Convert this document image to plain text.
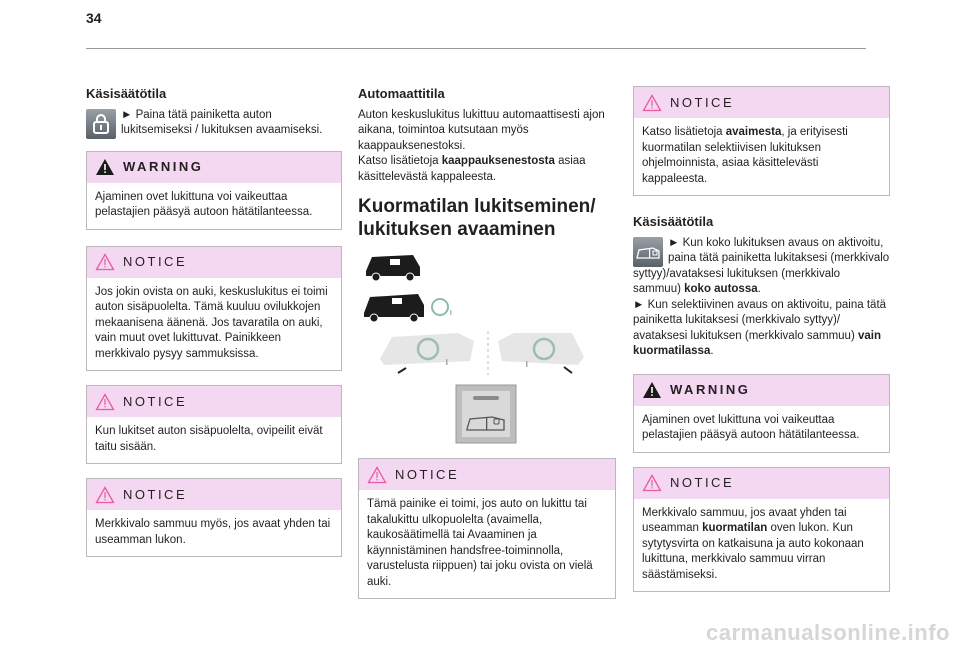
34
Käsisäätötila

► Paina tätä painiketta auton lukitsemiseksi / lukituksen avaamiseksi.

WARNING

Ajaminen ovet lukittuna voi vaikeuttaa pelastajien pääsyä autoon hätätilanteessa.

NOTICE

Jos jokin ovista on auki, keskuslukitus ei toimi auton sisäpuolelta. Tämä kuuluu ovilukkojen mekaanisena äänenä. Jos tavaratila on auki, vain muut ovet lukittuvat. Painikkeen merkkivalo pysyy sammuksissa.

NOTICE

Kun lukitset auton sisäpuolelta, ovipeilit eivät taitu sisään.

NOTICE

Merkkivalo sammuu myös, jos avaat yhden tai useamman lukon.

Automaattitila

Auton keskuslukitus lukittuu automaattisesti ajon aikana, toimintoa kutsutaan myös kaappauksenestoksi.

Katso lisätietoja kaappauksenestosta asiaa käsittelevästä kappaleesta.

Kuormatilan lukitseminen/ lukituksen avaaminen
NOTICE

Tämä painike ei toimi, jos auto on lukittu tai takalukittu ulkopuolelta (avaimella, kaukosäätimellä tai Avaaminen ja käynnistäminen handsfree-toiminnolla, varustelusta riippuen) tai joku ovista on vielä auki.

NOTICE

Katso lisätietoja avaimesta, ja erityisesti kuormatilan selektiivisen lukituksen ohjelmoinnista, asiaa käsittelevästi kappaleesta.

Käsisäätötila

► Kun koko lukituksen avaus on aktivoitu, paina tätä painiketta lukitaksesi (merkkivalo syttyy)/avataksesi lukituksen (merkkivalo sammuu) koko autossa.

► Kun selektiivinen avaus on aktivoitu, paina tätä painiketta lukitaksesi (merkkivalo syttyy)/ avataksesi lukituksen (merkkivalo sammuu) vain kuormatilassa.

WARNING

Ajaminen ovet lukittuna voi vaikeuttaa pelastajien pääsyä autoon hätätilanteessa.

NOTICE

Merkkivalo sammuu, jos avaat yhden tai useamman kuormatilan oven lukon. Kun sytytysvirta on katkaisuna ja auto kokonaan lukittuna, merkkivalo sammuu virran säästämiseksi.

carmanualsonline.info
